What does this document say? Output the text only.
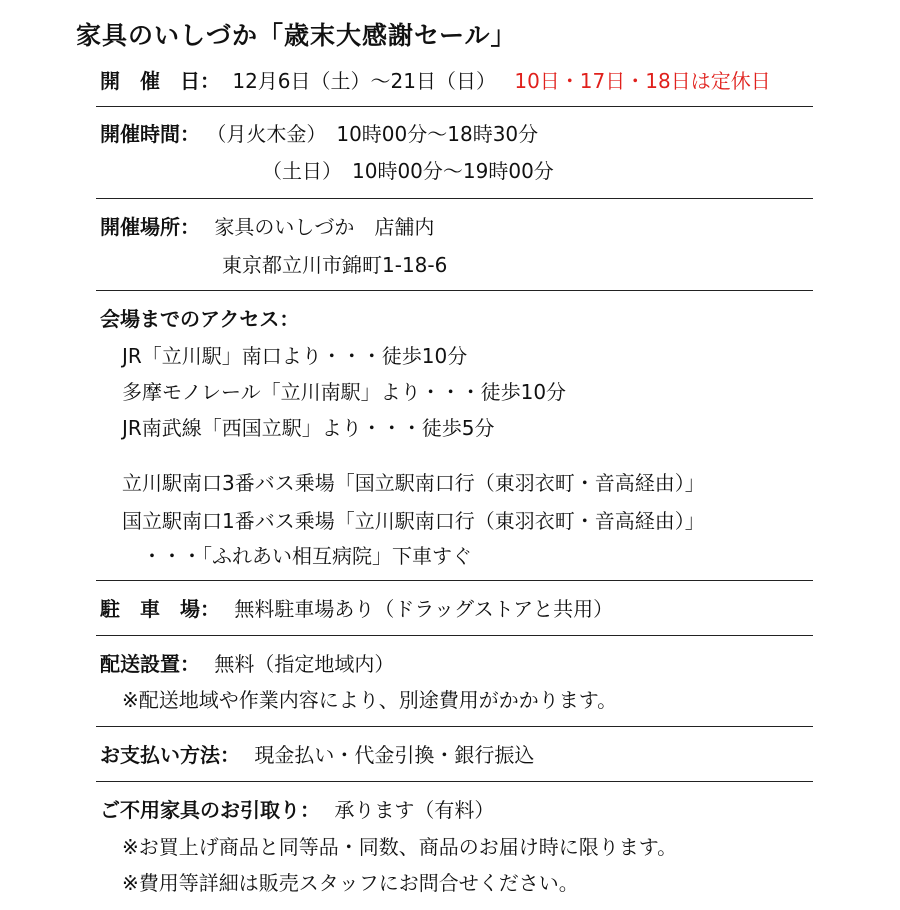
家具のいしづか「歳末大感謝セール」
開　催　日： 12月6日（土）～21日（日） 10日・17日・18日は定休日
開催時間： （月火木金）　10時00分～18時30分
（土日）　10時00分～19時00分
開催場所： 家具のいしづか　店舗内
東京都立川市錦町1-18-6
会場までのアクセス：
JR「立川駅」南口より・・・徒歩10分
多摩モノレール「立川南駅」より・・・徒歩10分
JR南武線「西国立駅」より・・・徒歩5分
立川駅南口3番バス乗場「国立駅南口行（東羽衣町・音高経由）」
国立駅南口1番バス乗場「立川駅南口行（東羽衣町・音高経由）」
・・・「ふれあい相互病院」下車すぐ
駐　車　場： 無料駐車場あり（ドラッグストアと共用）
配送設置： 無料（指定地域内）
※配送地域や作業内容により、別途費用がかかります。
お支払い方法： 現金払い・代金引換・銀行振込
ご不用家具のお引取り： 承ります（有料）
※お買上げ商品と同等品・同数、商品のお届け時に限ります。
※費用等詳細は販売スタッフにお問合せください。
